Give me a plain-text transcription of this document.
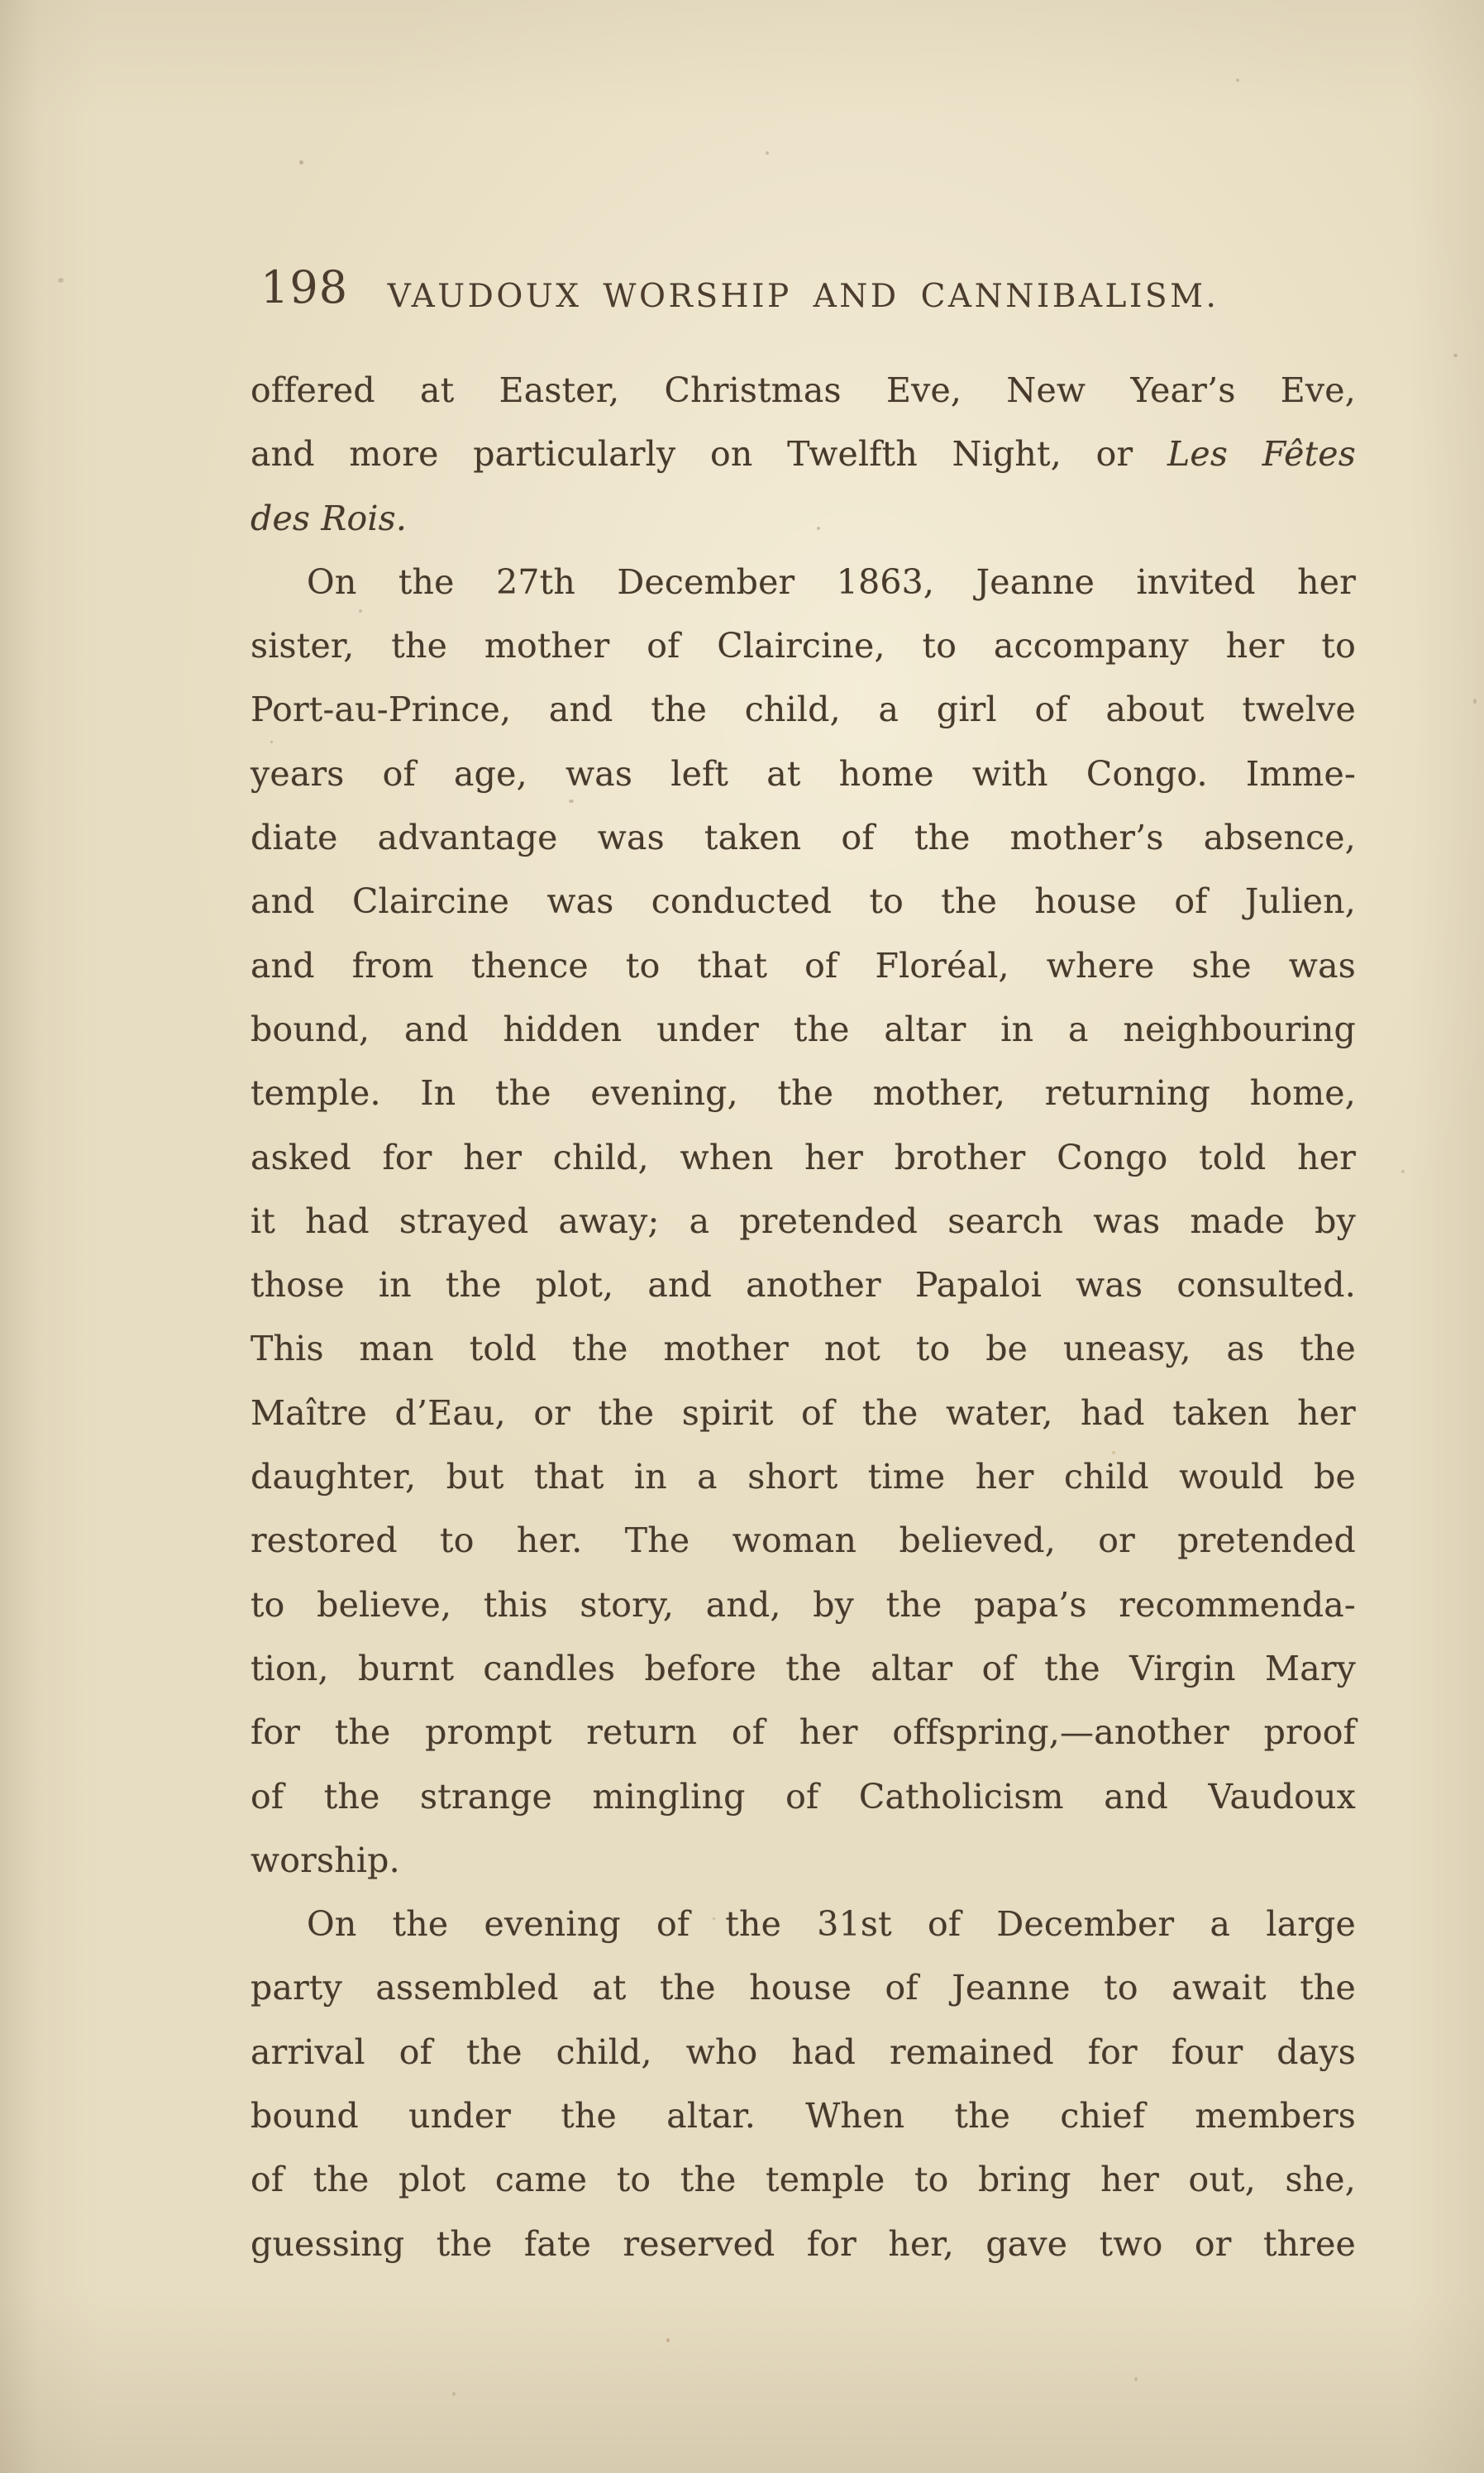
198	VAUDOUX WORSHIP AND CANNIBALISM.
offered at Easter, Christmas Eve, New Year’s Eve,
and more particularly on Twelfth Night, or Les Fêtes
des Rois.
On the 27th December 1863, Jeanne invited her
sister, the mother of Claircine, to accompany her to
Port-au-Prince, and the child, a girl of about twelve
years of age, was left at home with Congo. Imme-
diate advantage was taken of the mother’s absence,
and Claircine was conducted to the house of Julien,
and from thence to that of Floréal, where she was
bound, and hidden under the altar in a neighbouring
temple. In the evening, the mother, returning home,
asked for her child, when her brother Congo told her
it had strayed away; a pretended search was made by
those in the plot, and another Papaloi was consulted.
This man told the mother not to be uneasy, as the
Maître d’Eau, or the spirit of the water, had taken her
daughter, but that in a short time her child would be
restored to her. The woman believed, or pretended
to believe, this story, and, by the papa’s recommenda-
tion, burnt candles before the altar of the Virgin Mary
for the prompt return of her offspring,—another proof
of the strange mingling of Catholicism and Vaudoux
worship.
On the evening of the 31st of December a large
party assembled at the house of Jeanne to await the
arrival of the child, who had remained for four days
bound under the altar. When the chief members
of the plot came to the temple to bring her out, she,
guessing the fate reserved for her, gave two or three
